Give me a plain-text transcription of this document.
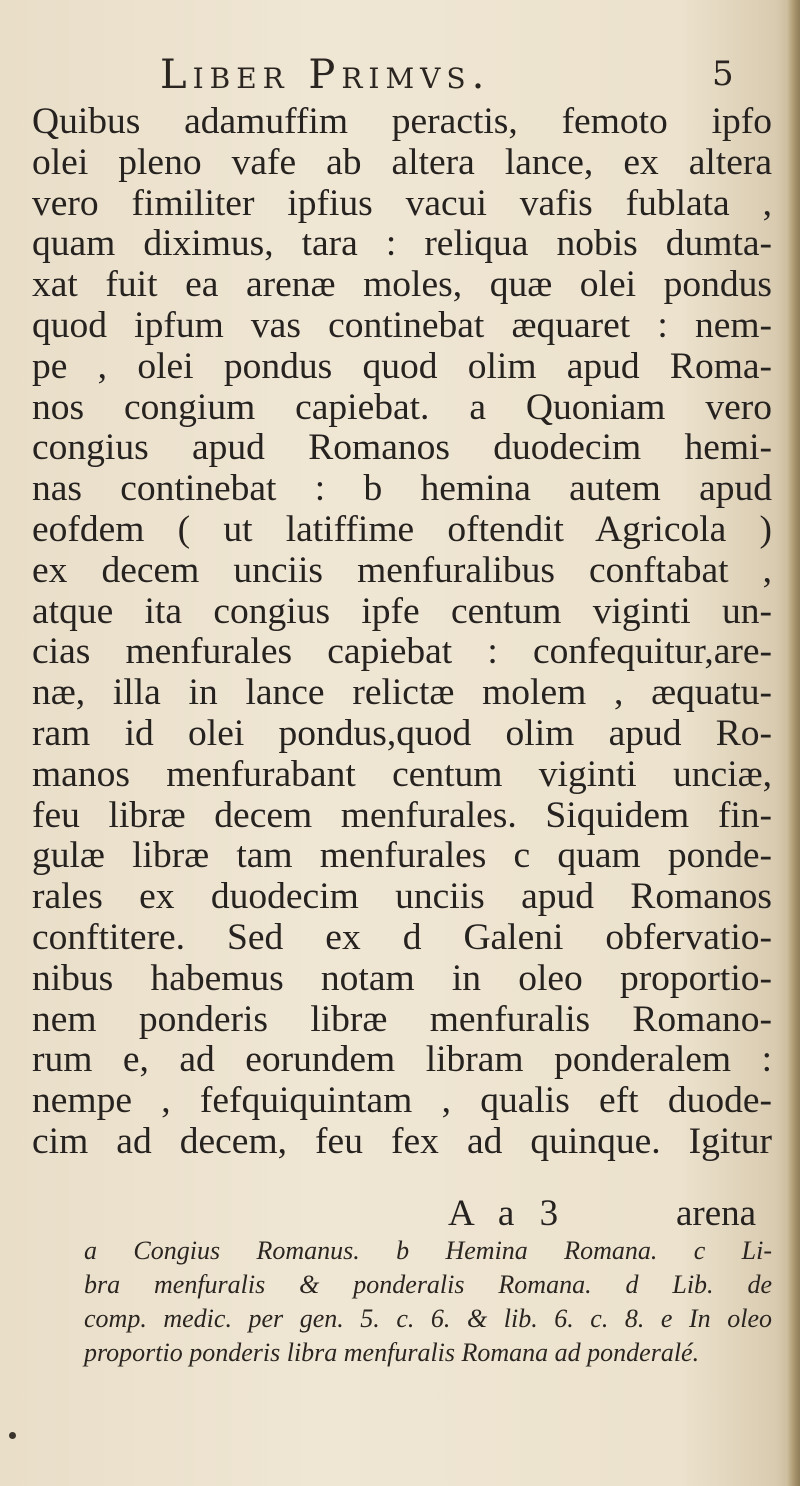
Liber Primvs.	5
Quibus adamuffim peractis, femoto ipfo
olei pleno vafe ab altera lance, ex altera
vero fimiliter ipfius vacui vafis fublata ,
quam diximus, tara : reliqua nobis dumta-
xat fuit ea arenæ moles, quæ olei pondus
quod ipfum vas continebat æquaret : nem-
pe , olei pondus quod olim apud Roma-
nos congium capiebat. a Quoniam vero
congius apud Romanos duodecim hemi-
nas continebat : b hemina autem apud
eofdem ( ut latiffime oftendit Agricola )
ex decem unciis menfuralibus conftabat ,
atque ita congius ipfe centum viginti un-
cias menfurales capiebat : confequitur,are-
næ, illa in lance relictæ molem , æquatu-
ram id olei pondus,quod olim apud Ro-
manos menfurabant centum viginti unciæ,
feu libræ decem menfurales. Siquidem fin-
gulæ libræ tam menfurales c quam ponde-
rales ex duodecim unciis apud Romanos
conftitere. Sed ex d Galeni obfervatio-
nibus habemus notam in oleo proportio-
nem ponderis libræ menfuralis Romano-
rum e, ad eorundem libram ponderalem :
nempe , fefquiquintam , qualis eft duode-
cim ad decem, feu fex ad quinque. Igitur
A a 3	arena
a Congius Romanus. b Hemina Romana. c Li-
bra menfuralis & ponderalis Romana. d Lib. de
comp. medic. per gen. 5. c. 6. & lib. 6. c. 8. e In oleo
proportio ponderis libra menfuralis Romana ad ponderalé.
